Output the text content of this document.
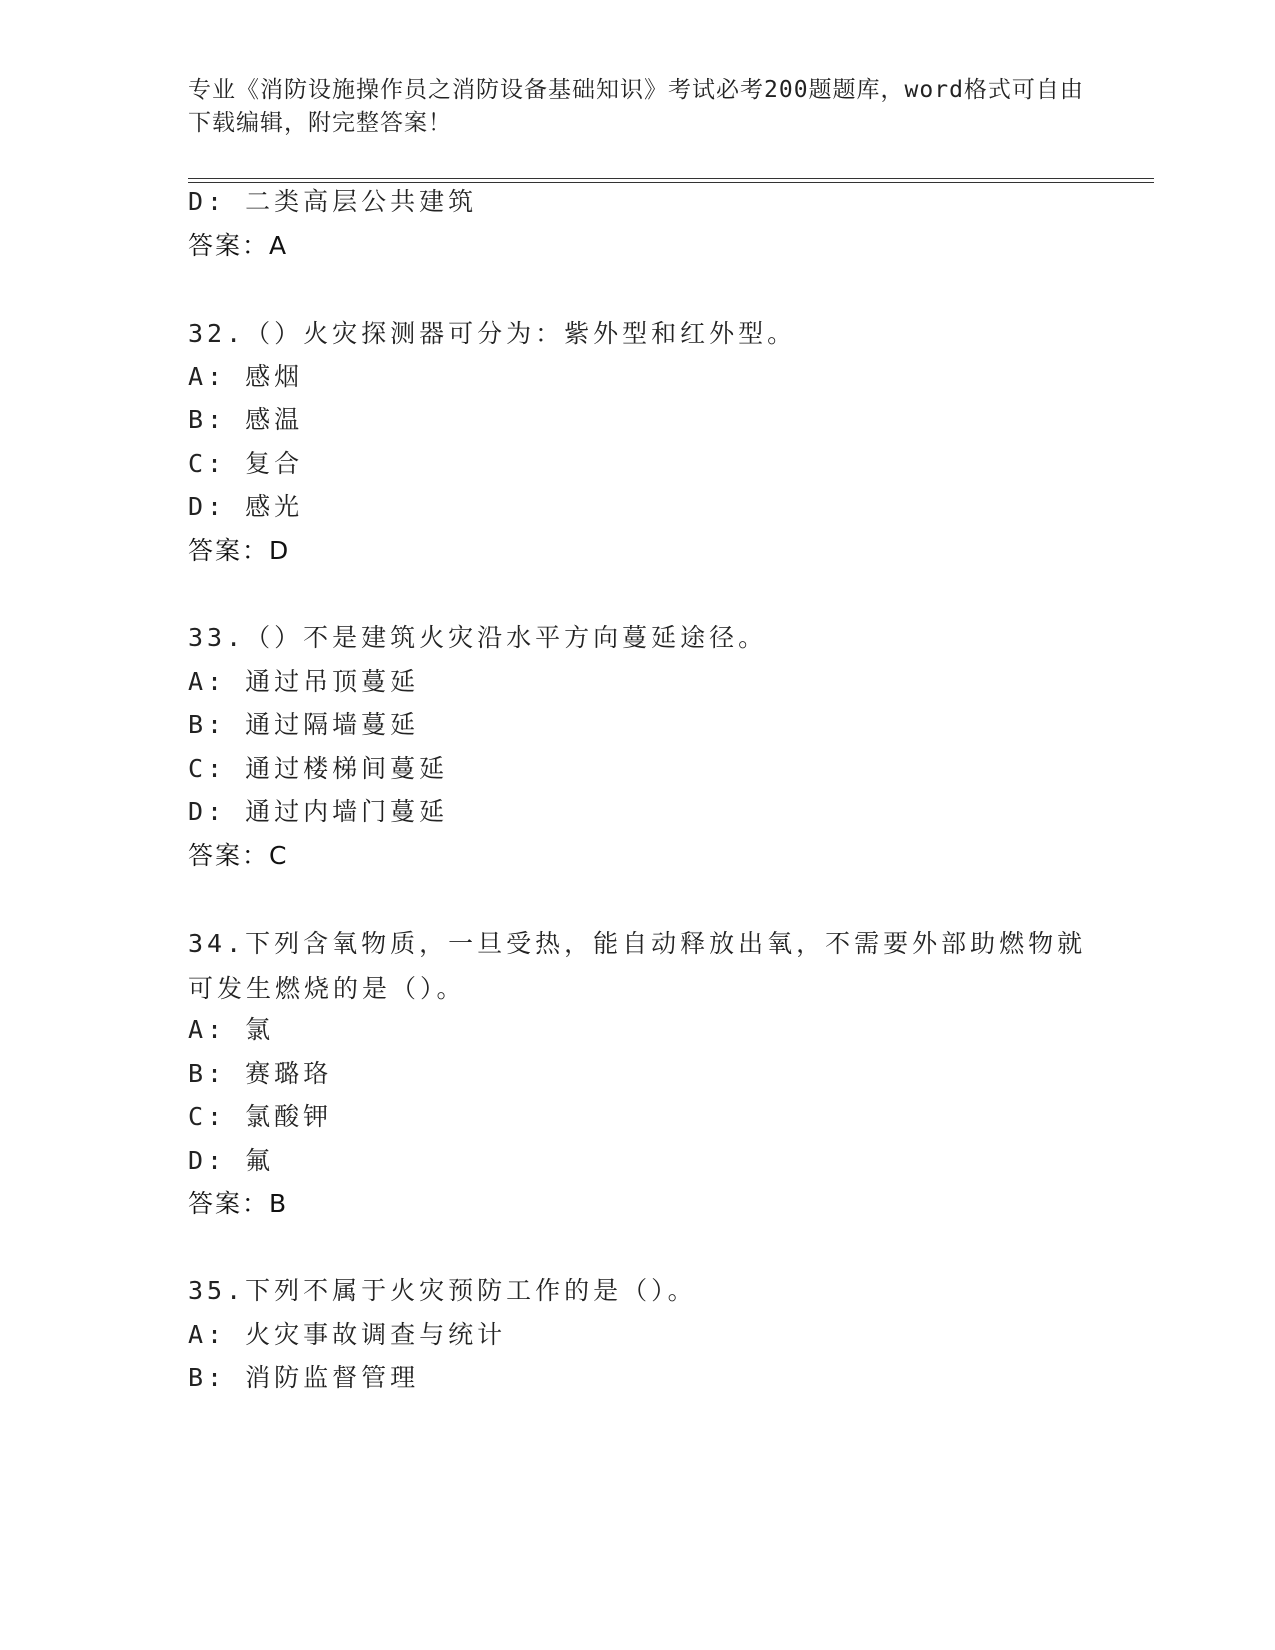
专业《消防设施操作员之消防设备基础知识》考试必考200题题库，word格式可自由下载编辑，附完整答案！
D: 二类高层公共建筑
答案：A
32.（）火灾探测器可分为：紫外型和红外型。
A: 感烟
B: 感温
C: 复合
D: 感光
答案：D
33.（）不是建筑火灾沿水平方向蔓延途径。
A: 通过吊顶蔓延
B: 通过隔墙蔓延
C: 通过楼梯间蔓延
D: 通过内墙门蔓延
答案：C
34.下列含氧物质，一旦受热，能自动释放出氧，不需要外部助燃物就可发生燃烧的是（）。
A: 氯
B: 赛璐珞
C: 氯酸钾
D: 氟
答案：B
35.下列不属于火灾预防工作的是（）。
A: 火灾事故调查与统计
B: 消防监督管理
